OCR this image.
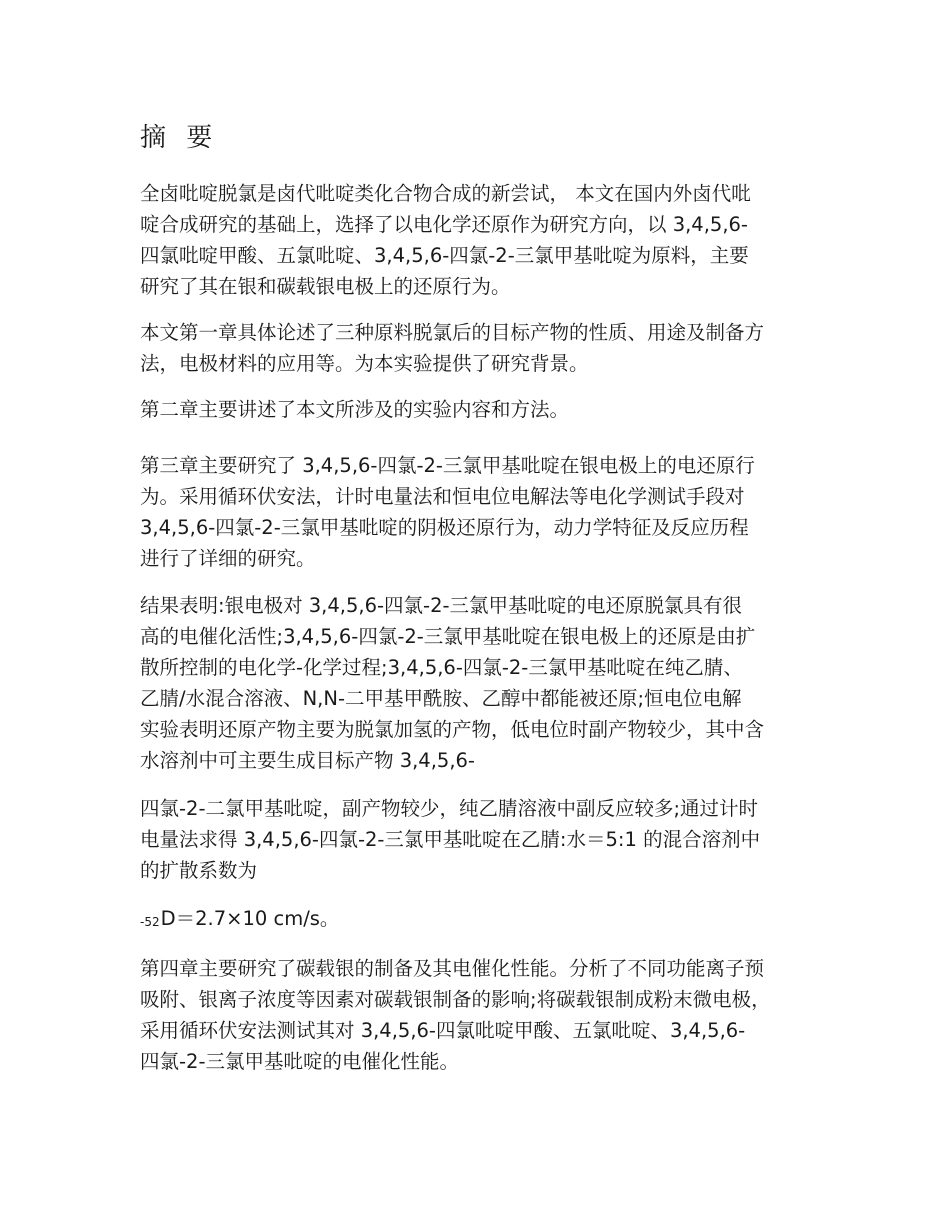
摘 要

全卤吡啶脱氯是卤代吡啶类化合物合成的新尝试， 本文在国内外卤代吡
啶合成研究的基础上，选择了以电化学还原作为研究方向，以 3,4,5,6-
四氯吡啶甲酸、五氯吡啶、3,4,5,6-四氯-2-三氯甲基吡啶为原料，主要
研究了其在银和碳载银电极上的还原行为。

本文第一章具体论述了三种原料脱氯后的目标产物的性质、用途及制备方
法，电极材料的应用等。为本实验提供了研究背景。

第二章主要讲述了本文所涉及的实验内容和方法。

第三章主要研究了 3,4,5,6-四氯-2-三氯甲基吡啶在银电极上的电还原行
为。采用循环伏安法，计时电量法和恒电位电解法等电化学测试手段对
3,4,5,6-四氯-2-三氯甲基吡啶的阴极还原行为，动力学特征及反应历程
进行了详细的研究。

结果表明:银电极对 3,4,5,6-四氯-2-三氯甲基吡啶的电还原脱氯具有很
高的电催化活性;3,4,5,6-四氯-2-三氯甲基吡啶在银电极上的还原是由扩
散所控制的电化学-化学过程;3,4,5,6-四氯-2-三氯甲基吡啶在纯乙腈、
乙腈/水混合溶液、N,N-二甲基甲酰胺、乙醇中都能被还原;恒电位电解
实验表明还原产物主要为脱氯加氢的产物，低电位时副产物较少，其中含
水溶剂中可主要生成目标产物 3,4,5,6-

四氯-2-二氯甲基吡啶，副产物较少，纯乙腈溶液中副反应较多;通过计时
电量法求得 3,4,5,6-四氯-2-三氯甲基吡啶在乙腈:水＝5:1 的混合溶剂中
的扩散系数为

-52D＝2.7×10 cm/s。

第四章主要研究了碳载银的制备及其电催化性能。分析了不同功能离子预
吸附、银离子浓度等因素对碳载银制备的影响;将碳载银制成粉末微电极，
采用循环伏安法测试其对 3,4,5,6-四氯吡啶甲酸、五氯吡啶、3,4,5,6-
四氯-2-三氯甲基吡啶的电催化性能。
